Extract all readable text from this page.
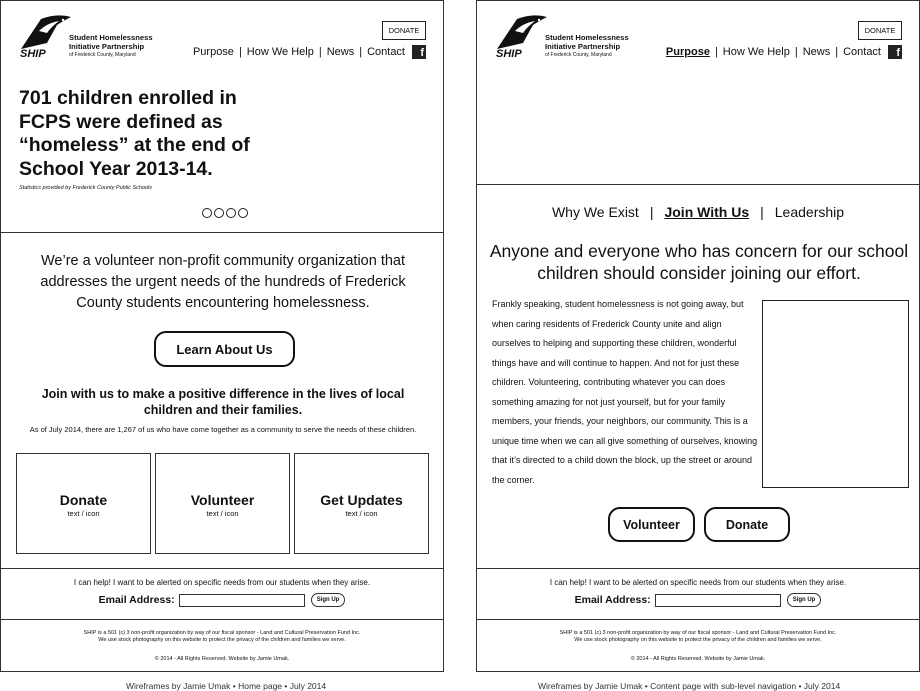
SHIP
Student Homelessness Initiative Partnership
of Frederick County, Maryland
DONATE
Purpose | How We Help | News | Contact	f
701 children enrolled in FCPS were defined as “homeless” at the end of School Year 2013-14.
Statistics provided by Frederick County Public Schools
We’re a volunteer non-profit community organization that addresses the urgent needs of the hundreds of Frederick County students encountering homelessness.
Learn About Us
Join with us to make a positive difference in the lives of local children and their families.
As of July 2014, there are 1,267 of us who have come together as a community to serve the needs of these children.
Donate
text / icon
Volunteer
text / icon
Get Updates
text / icon
I can help! I want to be alerted on specific needs from our students when they arise.
Email Address:	Sign Up
SHIP is a 501 (c) 3 non-profit organization by way of our fiscal sponsor - Land and Cultural Preservation Fund Inc.
We use stock photography on this website to protect the privacy of the children and families we serve.
© 2014 - All Rights Reserved. Website by Jamie Umak.
Wireframes by Jamie Umak • Home page • July 2014
SHIP
Student Homelessness Initiative Partnership
of Frederick County, Maryland
DONATE
Purpose | How We Help | News | Contact	f
Why We Exist | Join With Us | Leadership
Anyone and everyone who has concern for our school children should consider joining our effort.
Frankly speaking, student homelessness is not going away, but when caring residents of Frederick County unite and align ourselves to helping and supporting these children, wonderful things have and will continue to happen. And not for just these children. Volunteering, contributing whatever you can does something amazing for not just yourself, but for your family members, your friends, your neighbors, our community. This is a unique time when we can all give something of ourselves, knowing that it’s directed to a child down the block, up the street or around the corner.
Volunteer	Donate
I can help! I want to be alerted on specific needs from our students when they arise.
Email Address:	Sign Up
SHIP is a 501 (c) 3 non-profit organization by way of our fiscal sponsor - Land and Cultural Preservation Fund Inc.
We use stock photography on this website to protect the privacy of the children and families we serve.
© 2014 - All Rights Reserved. Website by Jamie Umak.
Wireframes by Jamie Umak • Content page with sub-level navigation • July 2014
